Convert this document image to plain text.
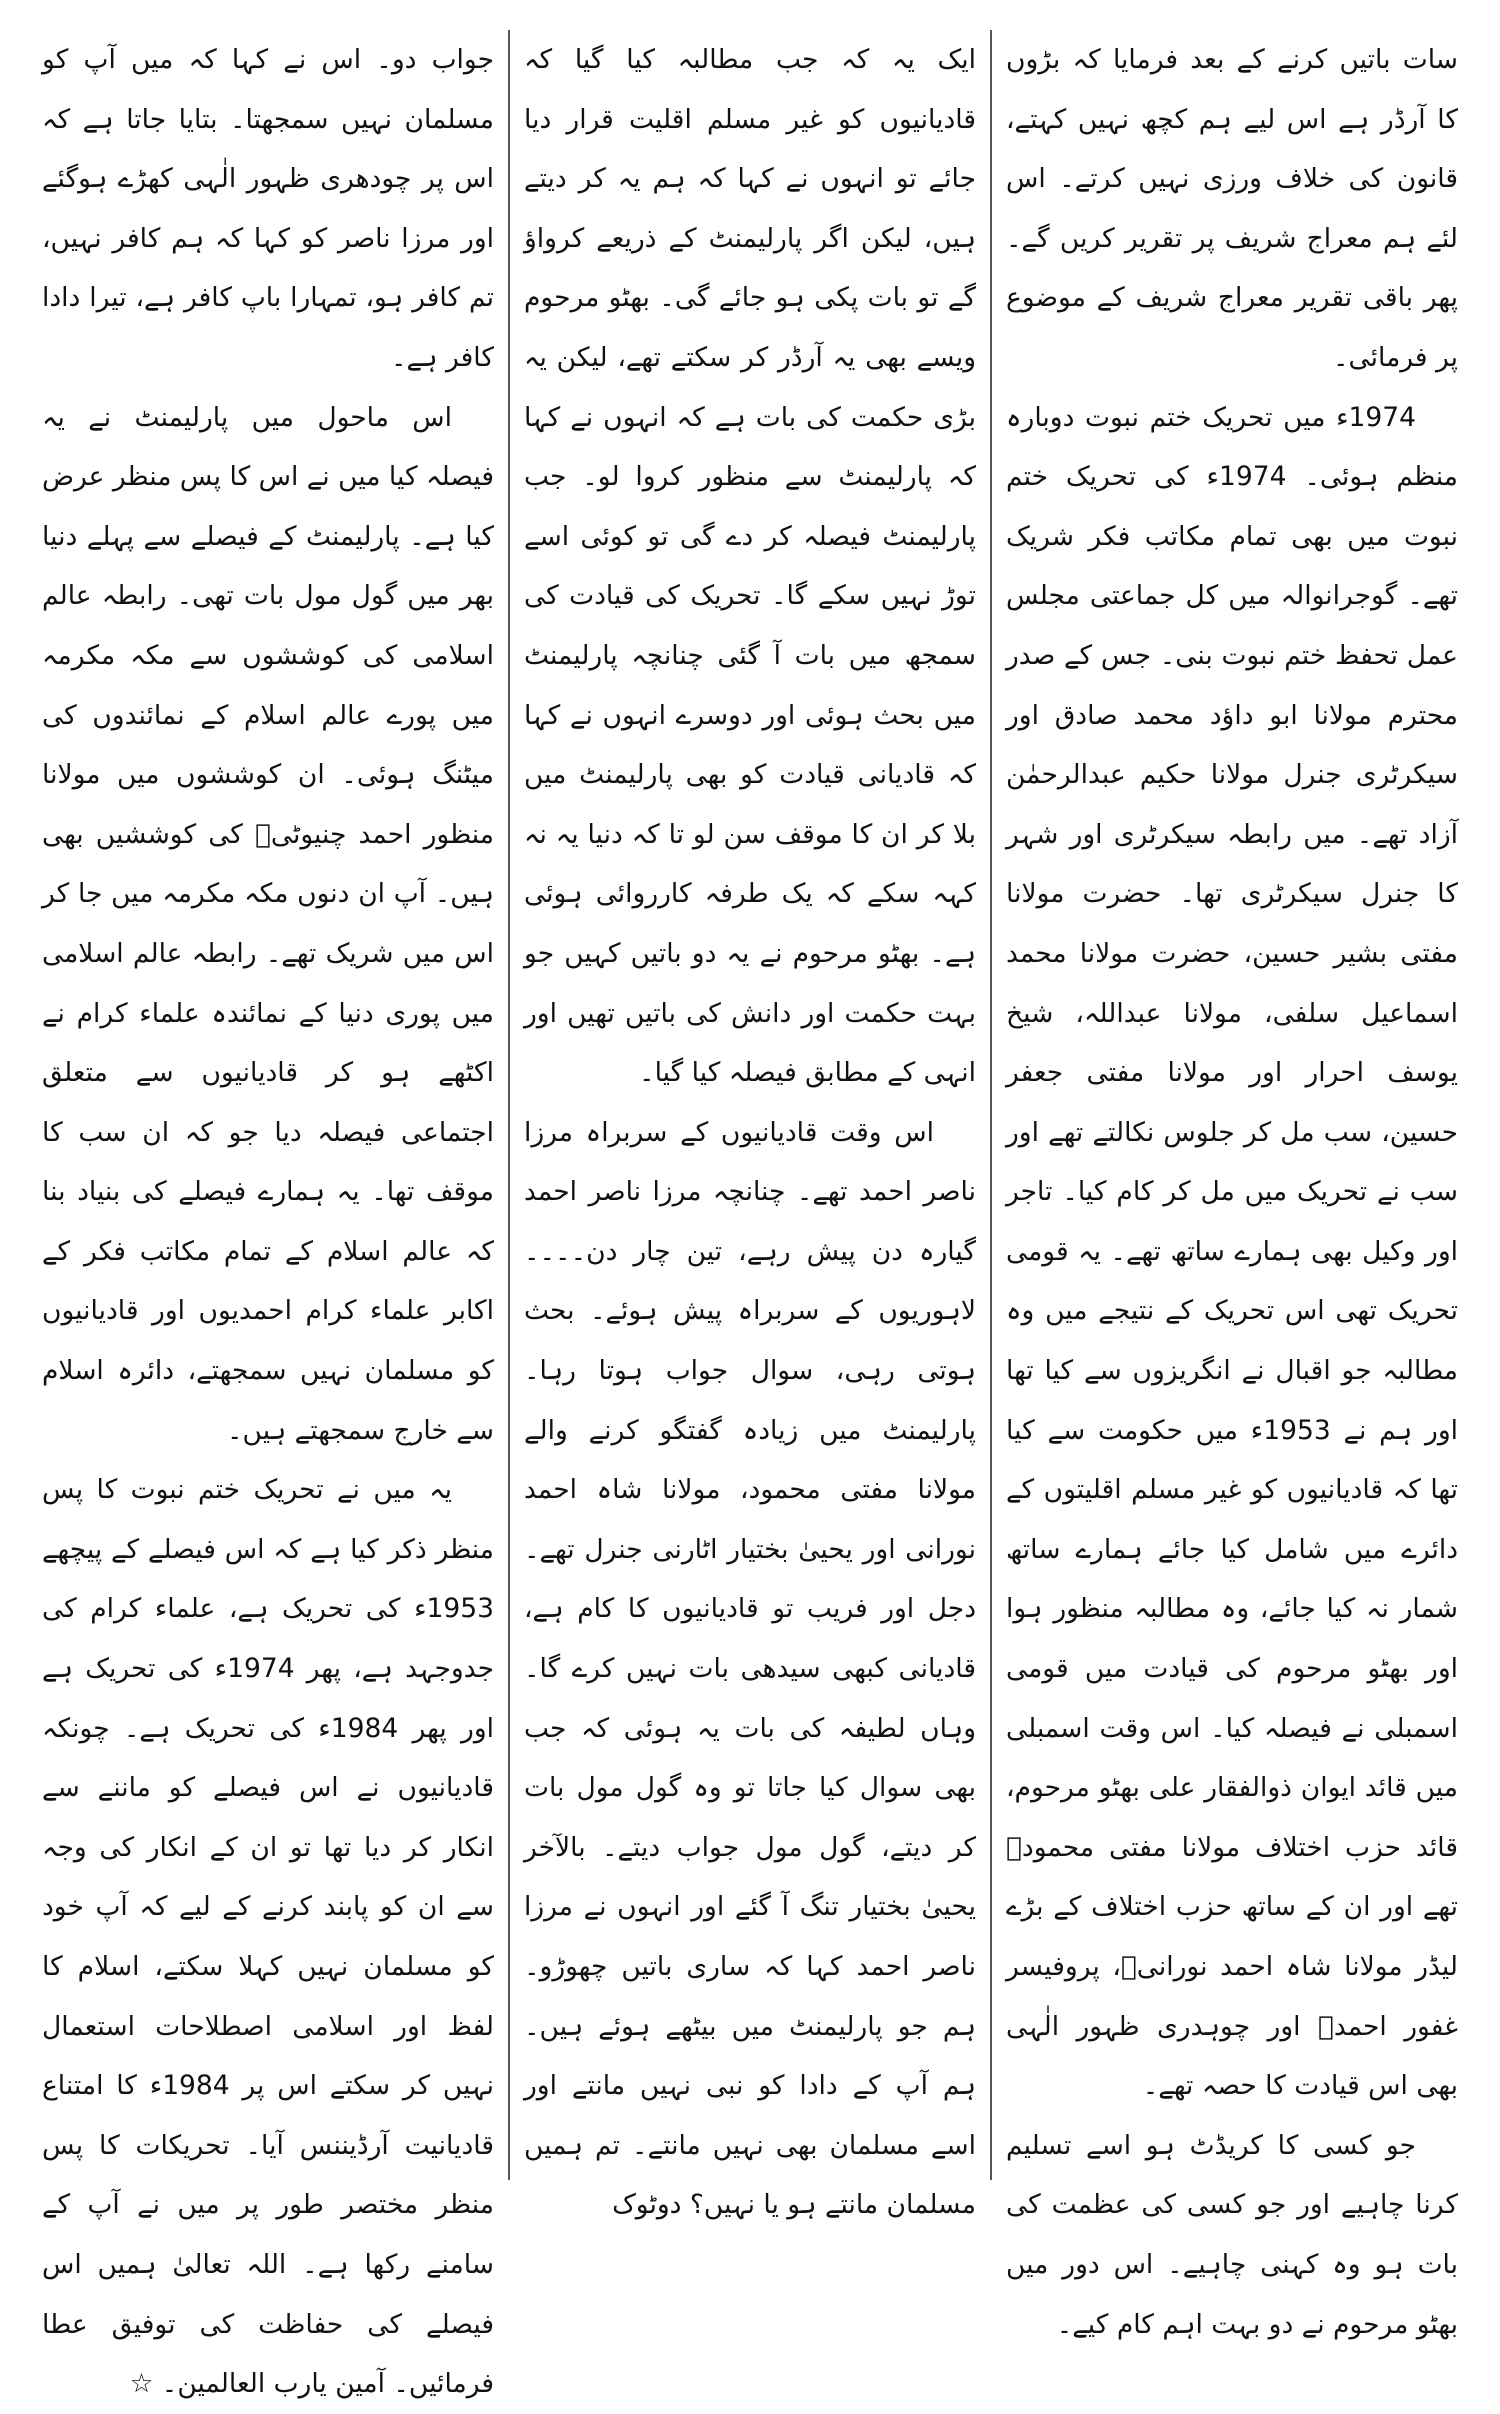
جواب دو۔ اس نے کہا کہ میں آپ کو مسلمان نہیں سمجھتا۔ بتایا جاتا ہے کہ اس پر چودھری ظہور الٰہی کھڑے ہوگئے اور مرزا ناصر کو کہا کہ ہم کافر نہیں، تم کافر ہو، تمہارا باپ کافر ہے، تیرا دادا کافر ہے۔

اس ماحول میں پارلیمنٹ نے یہ فیصلہ کیا میں نے اس کا پس منظر عرض کیا ہے۔ پارلیمنٹ کے فیصلے سے پہلے دنیا بھر میں گول مول بات تھی۔ رابطہ عالم اسلامی کی کوششوں سے مکہ مکرمہ میں پورے عالم اسلام کے نمائندوں کی میٹنگ ہوئی۔ ان کوششوں میں مولانا منظور احمد چنیوٹیؒ کی کوششیں بھی ہیں۔ آپ ان دنوں مکہ مکرمہ میں جا کر اس میں شریک تھے۔ رابطہ عالم اسلامی میں پوری دنیا کے نمائندہ علماء کرام نے اکٹھے ہو کر قادیانیوں سے متعلق اجتماعی فیصلہ دیا جو کہ ان سب کا موقف تھا۔ یہ ہمارے فیصلے کی بنیاد بنا کہ عالم اسلام کے تمام مکاتب فکر کے اکابر علماء کرام احمدیوں اور قادیانیوں کو مسلمان نہیں سمجھتے، دائرہ اسلام سے خارج سمجھتے ہیں۔

یہ میں نے تحریک ختم نبوت کا پس منظر ذکر کیا ہے کہ اس فیصلے کے پیچھے 1953ء کی تحریک ہے، علماء کرام کی جدوجہد ہے، پھر 1974ء کی تحریک ہے اور پھر 1984ء کی تحریک ہے۔ چونکہ قادیانیوں نے اس فیصلے کو ماننے سے انکار کر دیا تھا تو ان کے انکار کی وجہ سے ان کو پابند کرنے کے لیے کہ آپ خود کو مسلمان نہیں کہلا سکتے، اسلام کا لفظ اور اسلامی اصطلاحات استعمال نہیں کر سکتے اس پر 1984ء کا امتناع قادیانیت آرڈیننس آیا۔ تحریکات کا پس منظر مختصر طور پر میں نے آپ کے سامنے رکھا ہے۔ اللہ تعالیٰ ہمیں اس فیصلے کی حفاظت کی توفیق عطا فرمائیں۔ آمین یارب العالمین۔ ☆

ایک یہ کہ جب مطالبہ کیا گیا کہ قادیانیوں کو غیر مسلم اقلیت قرار دیا جائے تو انہوں نے کہا کہ ہم یہ کر دیتے ہیں، لیکن اگر پارلیمنٹ کے ذریعے کرواؤ گے تو بات پکی ہو جائے گی۔ بھٹو مرحوم ویسے بھی یہ آرڈر کر سکتے تھے، لیکن یہ بڑی حکمت کی بات ہے کہ انہوں نے کہا کہ پارلیمنٹ سے منظور کروا لو۔ جب پارلیمنٹ فیصلہ کر دے گی تو کوئی اسے توڑ نہیں سکے گا۔ تحریک کی قیادت کی سمجھ میں بات آ گئی چنانچہ پارلیمنٹ میں بحث ہوئی اور دوسرے انہوں نے کہا کہ قادیانی قیادت کو بھی پارلیمنٹ میں بلا کر ان کا موقف سن لو تا کہ دنیا یہ نہ کہہ سکے کہ یک طرفہ کارروائی ہوئی ہے۔ بھٹو مرحوم نے یہ دو باتیں کہیں جو بہت حکمت اور دانش کی باتیں تھیں اور انہی کے مطابق فیصلہ کیا گیا۔

اس وقت قادیانیوں کے سربراہ مرزا ناصر احمد تھے۔ چنانچہ مرزا ناصر احمد گیارہ دن پیش رہے، تین چار دن۔۔۔۔ لاہوریوں کے سربراہ پیش ہوئے۔ بحث ہوتی رہی، سوال جواب ہوتا رہا۔ پارلیمنٹ میں زیادہ گفتگو کرنے والے مولانا مفتی محمود، مولانا شاہ احمد نورانی اور یحییٰ بختیار اٹارنی جنرل تھے۔ دجل اور فریب تو قادیانیوں کا کام ہے، قادیانی کبھی سیدھی بات نہیں کرے گا۔ وہاں لطیفہ کی بات یہ ہوئی کہ جب بھی سوال کیا جاتا تو وہ گول مول بات کر دیتے، گول مول جواب دیتے۔ بالآخر یحییٰ بختیار تنگ آ گئے اور انہوں نے مرزا ناصر احمد کہا کہ ساری باتیں چھوڑو۔ ہم جو پارلیمنٹ میں بیٹھے ہوئے ہیں۔ ہم آپ کے دادا کو نبی نہیں مانتے اور اسے مسلمان بھی نہیں مانتے۔ تم ہمیں مسلمان مانتے ہو یا نہیں؟ دوٹوک

سات باتیں کرنے کے بعد فرمایا کہ بڑوں کا آرڈر ہے اس لیے ہم کچھ نہیں کہتے، قانون کی خلاف ورزی نہیں کرتے۔ اس لئے ہم معراج شریف پر تقریر کریں گے۔ پھر باقی تقریر معراج شریف کے موضوع پر فرمائی۔

1974ء میں تحریک ختم نبوت دوبارہ منظم ہوئی۔ 1974ء کی تحریک ختم نبوت میں بھی تمام مکاتب فکر شریک تھے۔ گوجرانوالہ میں کل جماعتی مجلس عمل تحفظ ختم نبوت بنی۔ جس کے صدر محترم مولانا ابو داؤد محمد صادق اور سیکرٹری جنرل مولانا حکیم عبدالرحمٰن آزاد تھے۔ میں رابطہ سیکرٹری اور شہر کا جنرل سیکرٹری تھا۔ حضرت مولانا مفتی بشیر حسین، حضرت مولانا محمد اسماعیل سلفی، مولانا عبداللہ، شیخ یوسف احرار اور مولانا مفتی جعفر حسین، سب مل کر جلوس نکالتے تھے اور سب نے تحریک میں مل کر کام کیا۔ تاجر اور وکیل بھی ہمارے ساتھ تھے۔ یہ قومی تحریک تھی اس تحریک کے نتیجے میں وہ مطالبہ جو اقبال نے انگریزوں سے کیا تھا اور ہم نے 1953ء میں حکومت سے کیا تھا کہ قادیانیوں کو غیر مسلم اقلیتوں کے دائرے میں شامل کیا جائے ہمارے ساتھ شمار نہ کیا جائے، وہ مطالبہ منظور ہوا اور بھٹو مرحوم کی قیادت میں قومی اسمبلی نے فیصلہ کیا۔ اس وقت اسمبلی میں قائد ایوان ذوالفقار علی بھٹو مرحوم، قائد حزب اختلاف مولانا مفتی محمودؒ تھے اور ان کے ساتھ حزب اختلاف کے بڑے لیڈر مولانا شاہ احمد نورانیؒ، پروفیسر غفور احمدؒ اور چوہدری ظہور الٰہی بھی اس قیادت کا حصہ تھے۔

جو کسی کا کریڈٹ ہو اسے تسلیم کرنا چاہیے اور جو کسی کی عظمت کی بات ہو وہ کہنی چاہیے۔ اس دور میں بھٹو مرحوم نے دو بہت اہم کام کیے۔
